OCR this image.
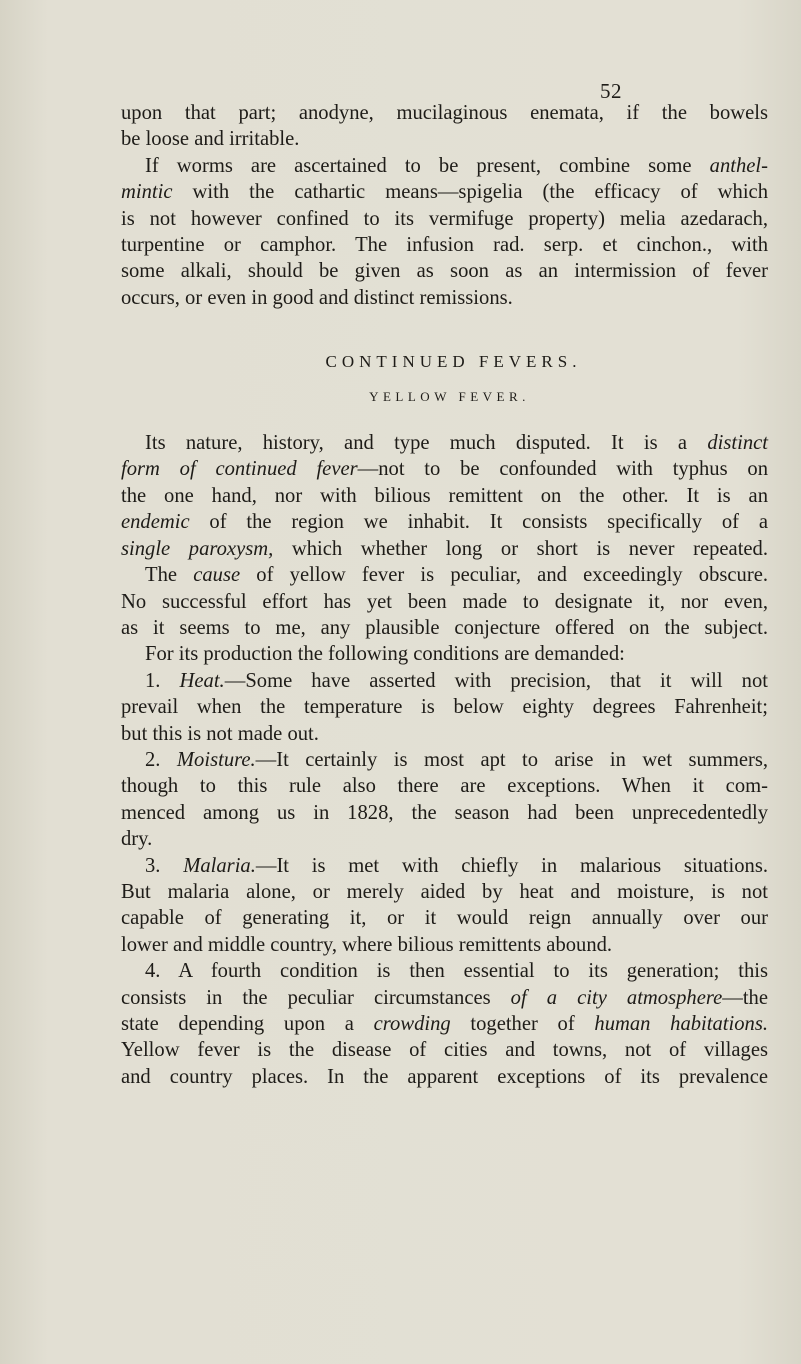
52
upon that part; anodyne, mucilaginous enemata, if the bowels
be loose and irritable.
If worms are ascertained to be present, combine some anthel-
mintic with the cathartic means—spigelia (the efficacy of which
is not however confined to its vermifuge property) melia azedarach,
turpentine or camphor. The infusion rad. serp. et cinchon., with
some alkali, should be given as soon as an intermission of fever
occurs, or even in good and distinct remissions.
CONTINUED FEVERS.
YELLOW FEVER.
Its nature, history, and type much disputed. It is a distinct
form of continued fever—not to be confounded with typhus on
the one hand, nor with bilious remittent on the other. It is an
endemic of the region we inhabit. It consists specifically of a
single paroxysm, which whether long or short is never repeated.
The cause of yellow fever is peculiar, and exceedingly obscure.
No successful effort has yet been made to designate it, nor even,
as it seems to me, any plausible conjecture offered on the subject.
For its production the following conditions are demanded:
1. Heat.—Some have asserted with precision, that it will not
prevail when the temperature is below eighty degrees Fahrenheit;
but this is not made out.
2. Moisture.—It certainly is most apt to arise in wet summers,
though to this rule also there are exceptions. When it com-
menced among us in 1828, the season had been unprecedentedly
dry.
3. Malaria.—It is met with chiefly in malarious situations.
But malaria alone, or merely aided by heat and moisture, is not
capable of generating it, or it would reign annually over our
lower and middle country, where bilious remittents abound.
4. A fourth condition is then essential to its generation; this
consists in the peculiar circumstances of a city atmosphere—the
state depending upon a crowding together of human habitations.
Yellow fever is the disease of cities and towns, not of villages
and country places. In the apparent exceptions of its prevalence
